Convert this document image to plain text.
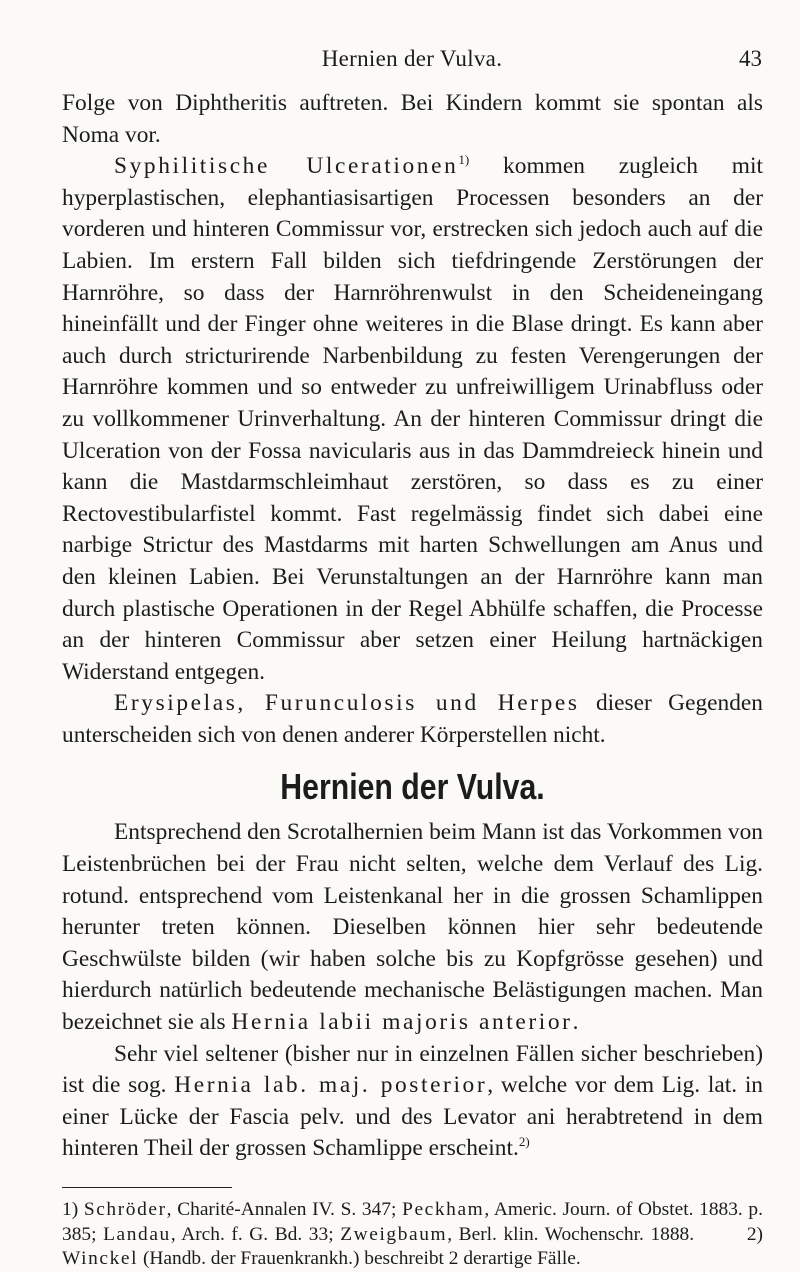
Hernien der Vulva.	43

Folge von Diphtheritis auftreten. Bei Kindern kommt sie spontan als Noma vor.

Syphilitische Ulcerationen$^{1)}$ kommen zugleich mit hyperplastischen, elephantiasisartigen Processen besonders an der vorderen und hinteren Commissur vor, erstrecken sich jedoch auch auf die Labien. Im erstern Fall bilden sich tiefdringende Zerstörungen der Harnröhre, so dass der Harnröhrenwulst in den Scheideneingang hineinfällt und der Finger ohne weiteres in die Blase dringt. Es kann aber auch durch stricturirende Narbenbildung zu festen Verengerungen der Harnröhre kommen und so entweder zu unfreiwilligem Urinabfluss oder zu vollkommener Urinverhaltung. An der hinteren Commissur dringt die Ulceration von der Fossa navicularis aus in das Dammdreieck hinein und kann die Mastdarmschleimhaut zerstören, so dass es zu einer Rectovestibularfistel kommt. Fast regelmässig findet sich dabei eine narbige Strictur des Mastdarms mit harten Schwellungen am Anus und den kleinen Labien. Bei Verunstaltungen an der Harnröhre kann man durch plastische Operationen in der Regel Abhülfe schaffen, die Processe an der hinteren Commissur aber setzen einer Heilung hartnäckigen Widerstand entgegen.

Erysipelas, Furunculosis und Herpes dieser Gegenden unterscheiden sich von denen anderer Körperstellen nicht.

Hernien der Vulva.

Entsprechend den Scrotalhernien beim Mann ist das Vorkommen von Leistenbrüchen bei der Frau nicht selten, welche dem Verlauf des Lig. rotund. entsprechend vom Leistenkanal her in die grossen Schamlippen herunter treten können. Dieselben können hier sehr bedeutende Geschwülste bilden (wir haben solche bis zu Kopfgrösse gesehen) und hierdurch natürlich bedeutende mechanische Belästigungen machen. Man bezeichnet sie als Hernia labii majoris anterior.

Sehr viel seltener (bisher nur in einzelnen Fällen sicher beschrieben) ist die sog. Hernia lab. maj. posterior, welche vor dem Lig. lat. in einer Lücke der Fascia pelv. und des Levator ani herabtretend in dem hinteren Theil der grossen Schamlippe erscheint.$^{2)}$

1) Schröder, Charité-Annalen IV. S. 347; Peckham, Americ. Journ. of Obstet. 1883. p. 385; Landau, Arch. f. G. Bd. 33; Zweigbaum, Berl. klin. Wochenschr. 1888.        2) Winckel (Handb. der Frauenkrankh.) beschreibt 2 derartige Fälle.
